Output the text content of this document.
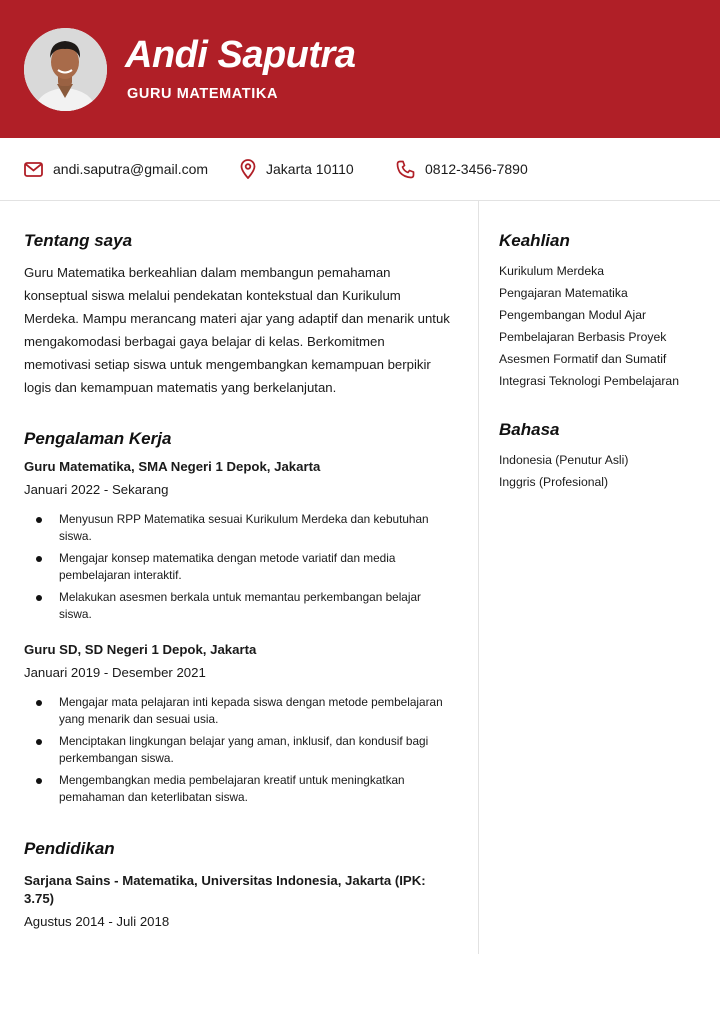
Andi Saputra
GURU MATEMATIKA
andi.saputra@gmail.com	Jakarta 10110	0812-3456-7890
Tentang saya

Guru Matematika berkeahlian dalam membangun pemahaman konseptual siswa melalui pendekatan kontekstual dan Kurikulum Merdeka. Mampu merancang materi ajar yang adaptif dan menarik untuk mengakomodasi berbagai gaya belajar di kelas. Berkomitmen memotivasi setiap siswa untuk mengembangkan kemampuan berpikir logis dan kemampuan matematis yang berkelanjutan.

Pengalaman Kerja
Guru Matematika, SMA Negeri 1 Depok, Jakarta
Januari 2022 - Sekarang
Menyusun RPP Matematika sesuai Kurikulum Merdeka dan kebutuhan siswa.
Mengajar konsep matematika dengan metode variatif dan media pembelajaran interaktif.
Melakukan asesmen berkala untuk memantau perkembangan belajar siswa.
Guru SD, SD Negeri 1 Depok, Jakarta
Januari 2019 - Desember 2021
Mengajar mata pelajaran inti kepada siswa dengan metode pembelajaran yang menarik dan sesuai usia.
Menciptakan lingkungan belajar yang aman, inklusif, dan kondusif bagi perkembangan siswa.
Mengembangkan media pembelajaran kreatif untuk meningkatkan pemahaman dan keterlibatan siswa.
Pendidikan
Sarjana Sains - Matematika, Universitas Indonesia, Jakarta (IPK: 3.75)
Agustus 2014 - Juli 2018
Keahlian
Kurikulum Merdeka
Pengajaran Matematika
Pengembangan Modul Ajar
Pembelajaran Berbasis Proyek
Asesmen Formatif dan Sumatif
Integrasi Teknologi Pembelajaran
Bahasa
Indonesia (Penutur Asli)
Inggris (Profesional)
